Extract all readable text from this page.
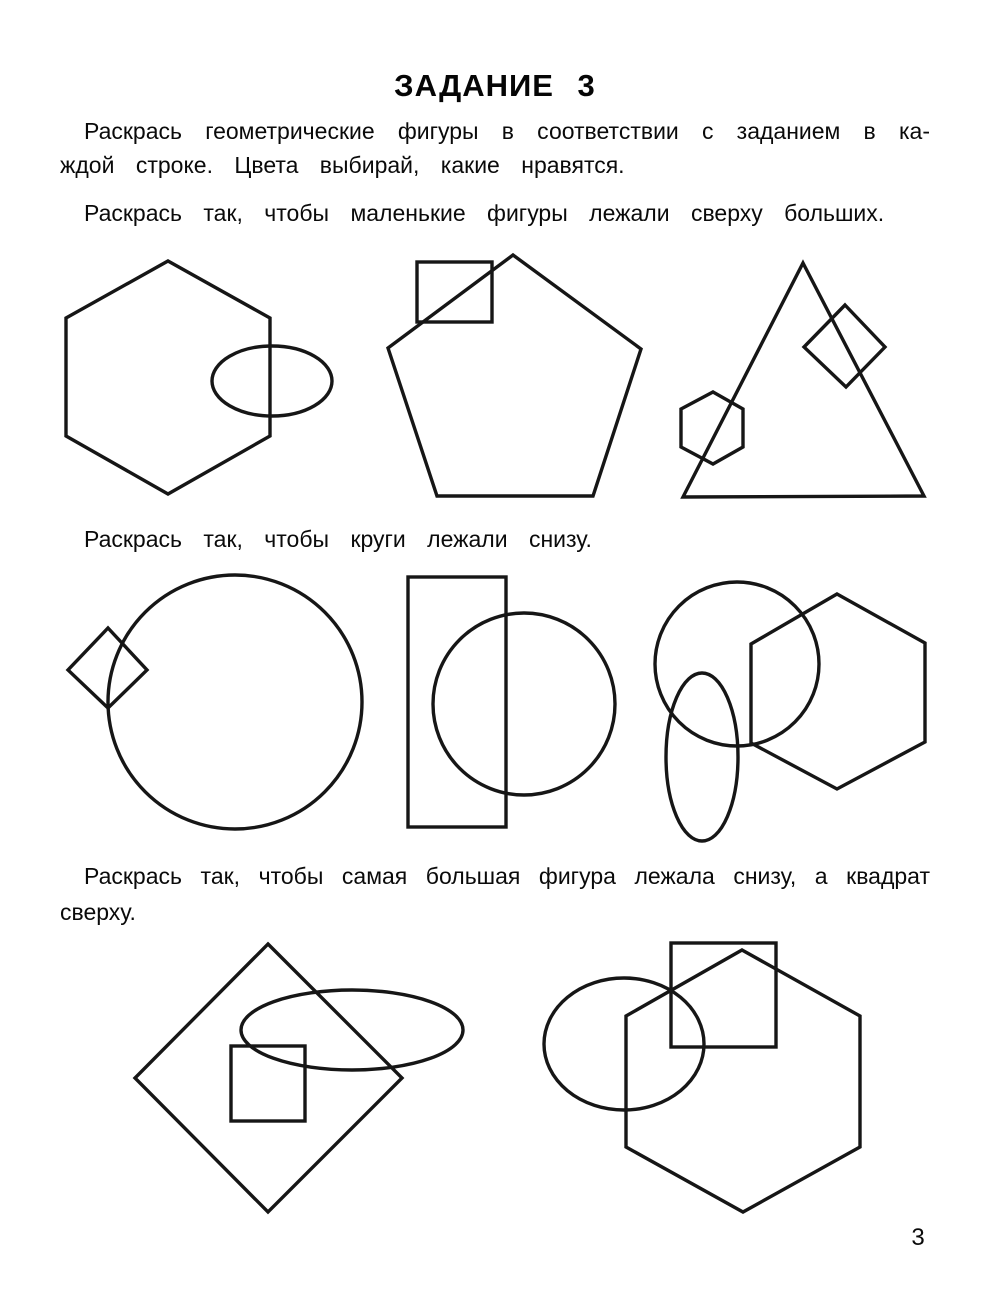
ЗАДАНИЕ 3
Раскрась геометрические фигуры в соответствии с заданием в ка-
ждой строке. Цвета выбирай, какие нравятся.
Раскрась так, чтобы маленькие фигуры лежали сверху больших.
Раскрась так, чтобы круги лежали снизу.
Раскрась так, чтобы самая большая фигура лежала снизу, а квадрат
сверху.
3
